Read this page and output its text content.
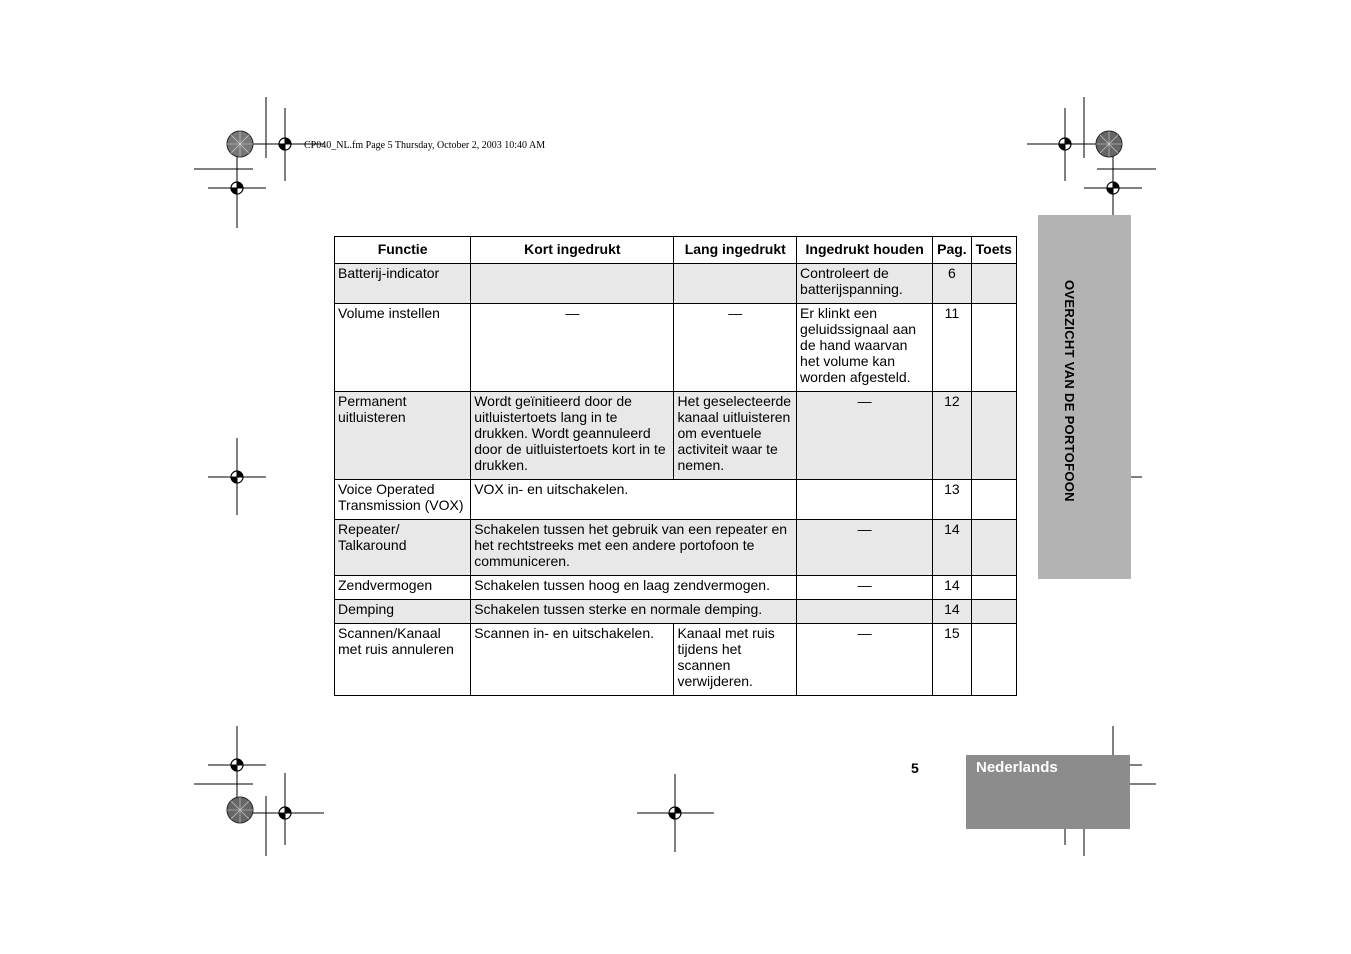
CP040_NL.fm Page 5 Thursday, October 2, 2003 10:40 AM
OVERZICHT VAN DE PORTOFOON
Nederlands
5
Functie	Kort ingedrukt	Lang ingedrukt	Ingedrukt houden	Pag.	Toets
Batterij-indicator			Controleert de batterijspanning.	6	
Volume instellen	—	—	Er klinkt een geluidssignaal aan de hand waarvan het volume kan worden afgesteld.	11	
Permanent uitluisteren	Wordt geïnitieerd door de uitluistertoets lang in te drukken. Wordt geannuleerd door de uitluistertoets kort in te drukken.	Het geselecteerde kanaal uitluisteren om eventuele activiteit waar te nemen.	—	12	
Voice Operated Transmission (VOX)	VOX in- en uitschakelen.			13	
Repeater/ Talkaround	Schakelen tussen het gebruik van een repeater en het rechtstreeks met een andere portofoon te communiceren.		—	14	
Zendvermogen	Schakelen tussen hoog en laag zendvermogen.		—	14	
Demping	Schakelen tussen sterke en normale demping.			14	
Scannen/Kanaal met ruis annuleren	Scannen in- en uitschakelen.	Kanaal met ruis tijdens het scannen verwijderen.	—	15	
